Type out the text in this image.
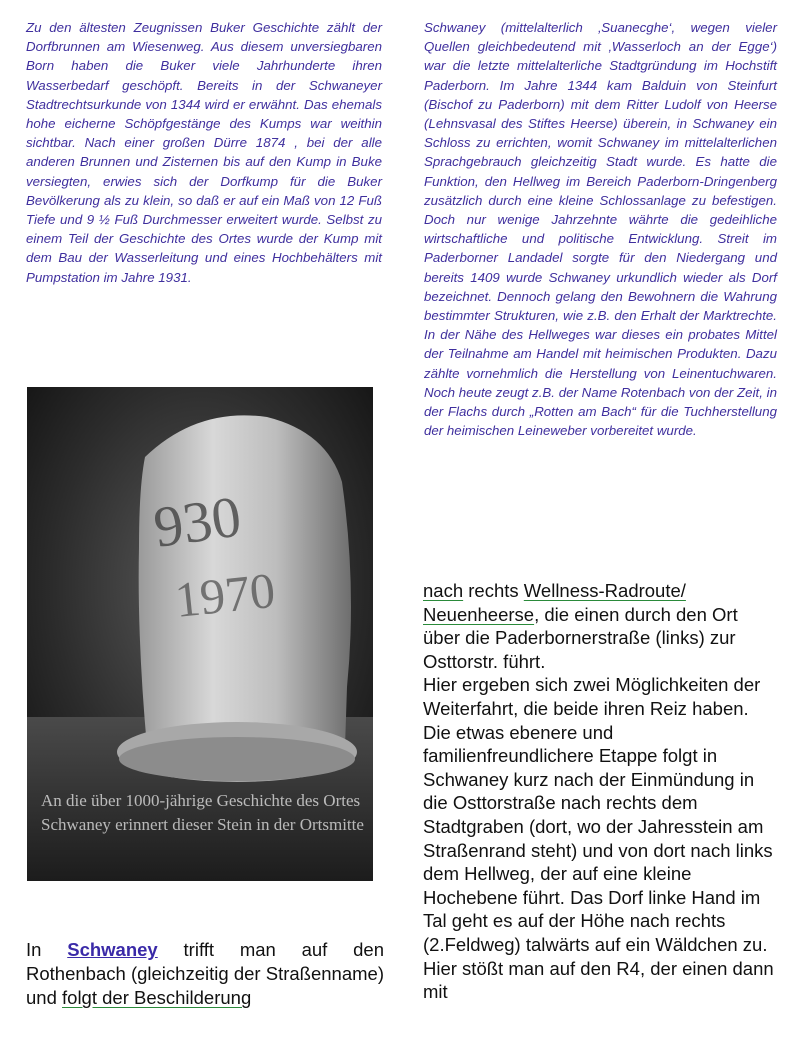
Zu den ältesten Zeugnissen Buker Geschichte zählt der Dorfbrunnen am Wiesenweg. Aus diesem unversiegbaren Born haben die Buker viele Jahrhunderte ihren Wasserbedarf geschöpft. Bereits in der Schwaneyer Stadtrechtsurkunde von 1344 wird er erwähnt. Das ehemals hohe eicherne Schöpfgestänge des Kumps war weithin sichtbar. Nach einer großen Dürre 1874 , bei der alle anderen Brunnen und Zisternen bis auf den Kump in Buke versiegten, erwies sich der Dorfkump für die Buker Bevölkerung als zu klein, so daß er auf ein Maß von 12 Fuß Tiefe und 9 ½ Fuß Durchmesser erweitert wurde. Selbst zu einem Teil der Geschichte des Ortes wurde der Kump mit dem Bau der Wasserleitung und eines Hochbehälters mit Pumpstation im Jahre 1931.

Schwaney (mittelalterlich ‚Suanecghe‘, wegen vieler Quellen gleichbedeutend mit ‚Wasserloch an der Egge‘) war die letzte mittelalterliche Stadtgründung im Hochstift Paderborn. Im Jahre 1344 kam Balduin von Steinfurt (Bischof zu Paderborn) mit dem Ritter Ludolf von Heerse (Lehnsvasal des Stiftes Heerse) überein, in Schwaney ein Schloss zu errichten, womit Schwaney im mittelalterlichen Sprachgebrauch gleichzeitig Stadt wurde. Es hatte die Funktion, den Hellweg im Bereich Paderborn-Dringenberg zusätzlich durch eine kleine Schlossanlage zu befestigen. Doch nur wenige Jahrzehnte währte die gedeihliche wirtschaftliche und politische Entwicklung. Streit im Paderborner Landadel sorgte für den Niedergang und bereits 1409 wurde Schwaney urkundlich wieder als Dorf bezeichnet. Dennoch gelang den Bewohnern die Wahrung bestimmter Strukturen, wie z.B. den Erhalt der Marktrechte. In der Nähe des Hellweges war dieses ein probates Mittel der Teilnahme am Handel mit heimischen Produkten. Dazu zählte vornehmlich die Herstellung von Leinentuchwaren. Noch heute zeugt z.B. der Name Rotenbach von der Zeit, in der Flachs durch „Rotten am Bach“ für die Tuchherstellung der heimischen Leineweber vorbereitet wurde.

930
1970
An die über 1000-jährige Geschichte des Ortes Schwaney erinnert dieser Stein in der Ortsmitte

nach rechts Wellness-Radroute/ Neuenheerse, die einen durch den Ort über die Paderbornerstraße (links) zur Osttorstr. führt.

Hier ergeben sich zwei Möglichkeiten der Weiterfahrt, die beide ihren Reiz haben.

Die etwas ebenere und familienfreundlichere Etappe folgt in Schwaney kurz nach der Einmündung in die Osttorstraße nach rechts dem Stadtgraben (dort, wo der Jahresstein am Straßenrand steht) und von dort nach links dem Hellweg, der auf eine kleine Hochebene führt. Das Dorf linke Hand im Tal geht es auf der Höhe nach rechts (2.Feldweg) talwärts auf ein Wäldchen zu. Hier stößt man auf den R4, der einen dann mit

In Schwaney trifft man auf den Rothenbach (gleichzeitig der Straßenname) und folgt der Beschilderung
